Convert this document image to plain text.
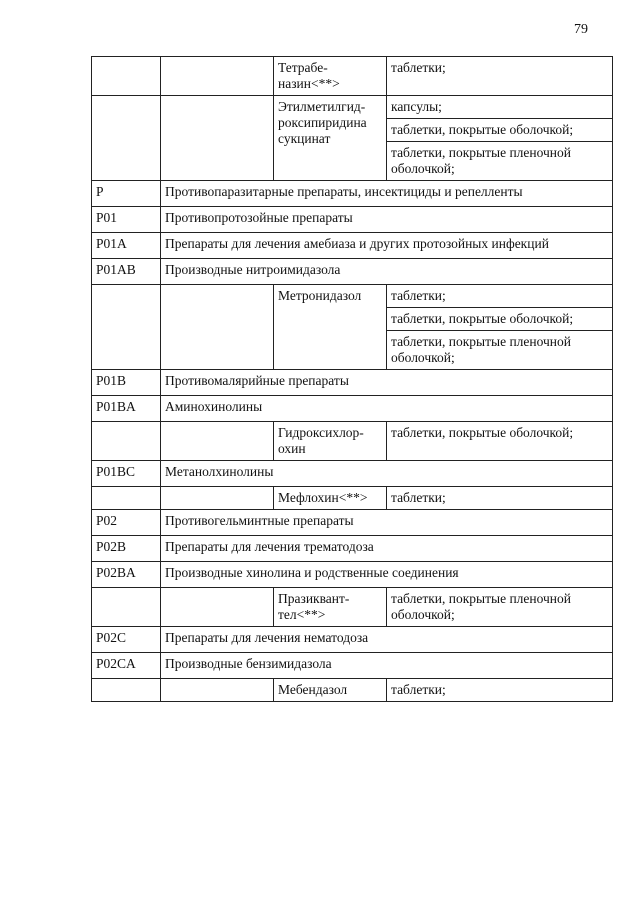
79
		Тетрабе-
назин<**>	таблетки;
		Этилметилгид-
роксипиридина
сукцинат	капсулы;
			таблетки, покрытые оболочкой;
			таблетки, покрытые пленочной
оболочкой;
P	Противопаразитарные препараты, инсектициды и репелленты		
P01	Противопротозойные препараты		
P01A	Препараты для лечения амебиаза и других протозойных инфекций		
P01AB	Производные нитроимидазола		
		Метронидазол	таблетки;
			таблетки, покрытые оболочкой;
			таблетки, покрытые пленочной
оболочкой;
P01B	Противомалярийные препараты		
P01BA	Аминохинолины		
		Гидроксихлор-
охин	таблетки, покрытые оболочкой;
P01BC	Метанолхинолины		
		Мефлохин<**>	таблетки;
P02	Противогельминтные препараты		
P02B	Препараты для лечения трематодоза		
P02BA	Производные хинолина и родственные соединения		
		Празиквант-
тел<**>	таблетки, покрытые пленочной
оболочкой;
P02C	Препараты для лечения нематодоза		
P02CA	Производные бензимидазола		
		Мебендазол	таблетки;
